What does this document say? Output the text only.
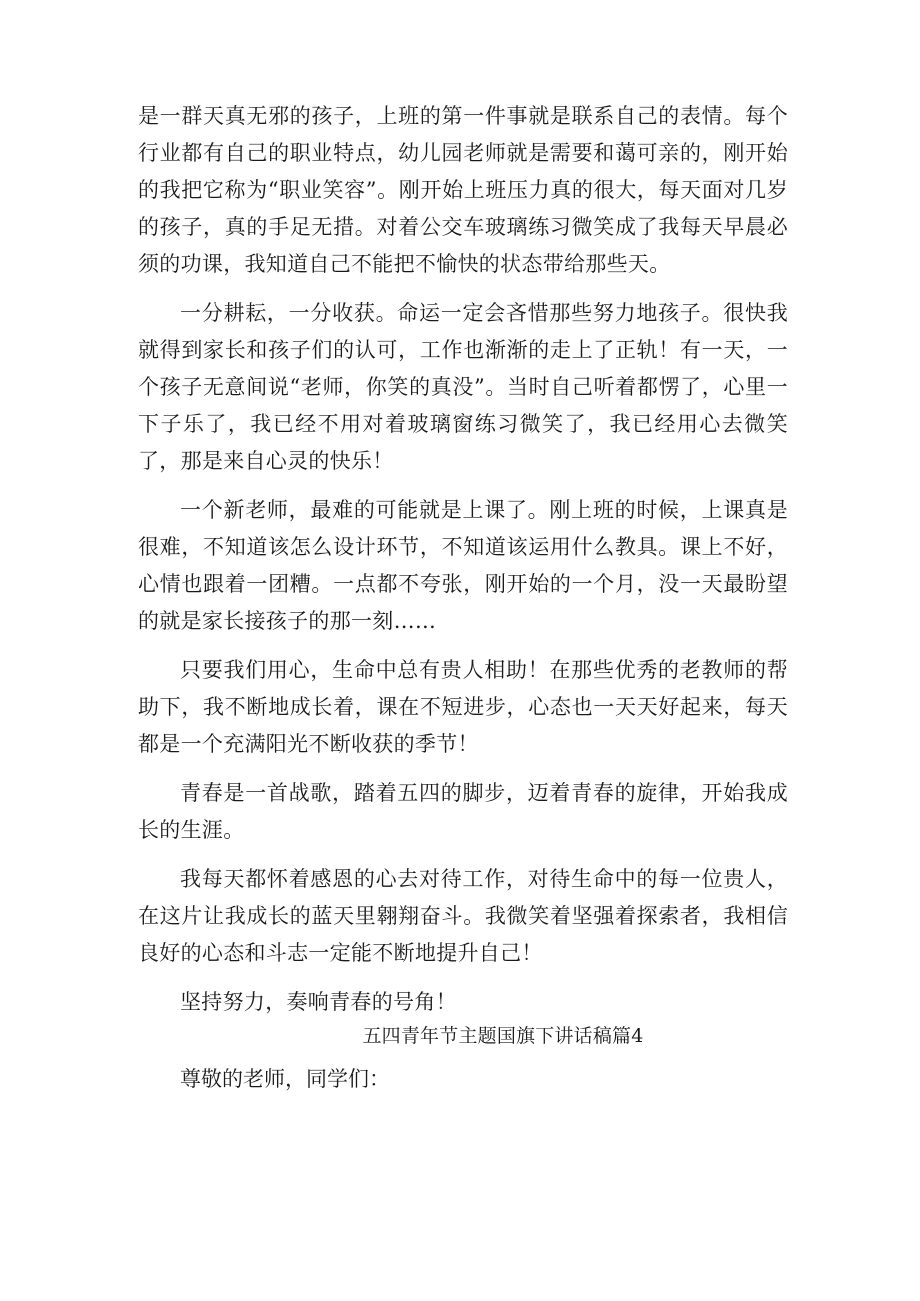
是一群天真无邪的孩子，上班的第一件事就是联系自己的表情。每个行业都有自己的职业特点，幼儿园老师就是需要和蔼可亲的，刚开始的我把它称为“职业笑容”。刚开始上班压力真的很大，每天面对几岁的孩子，真的手足无措。对着公交车玻璃练习微笑成了我每天早晨必须的功课，我知道自己不能把不愉快的状态带给那些天。

一分耕耘，一分收获。命运一定会吝惜那些努力地孩子。很快我就得到家长和孩子们的认可，工作也渐渐的走上了正轨！有一天，一个孩子无意间说“老师，你笑的真没”。当时自己听着都愣了，心里一下子乐了，我已经不用对着玻璃窗练习微笑了，我已经用心去微笑了，那是来自心灵的快乐！

一个新老师，最难的可能就是上课了。刚上班的时候，上课真是很难，不知道该怎么设计环节，不知道该运用什么教具。课上不好，心情也跟着一团糟。一点都不夸张，刚开始的一个月，没一天最盼望的就是家长接孩子的那一刻……

只要我们用心，生命中总有贵人相助！在那些优秀的老教师的帮助下，我不断地成长着，课在不短进步，心态也一天天好起来，每天都是一个充满阳光不断收获的季节！

青春是一首战歌，踏着五四的脚步，迈着青春的旋律，开始我成长的生涯。

我每天都怀着感恩的心去对待工作，对待生命中的每一位贵人，在这片让我成长的蓝天里翱翔奋斗。我微笑着坚强着探索者，我相信良好的心态和斗志一定能不断地提升自己！

坚持努力，奏响青春的号角！

五四青年节主题国旗下讲话稿篇4

尊敬的老师，同学们：
